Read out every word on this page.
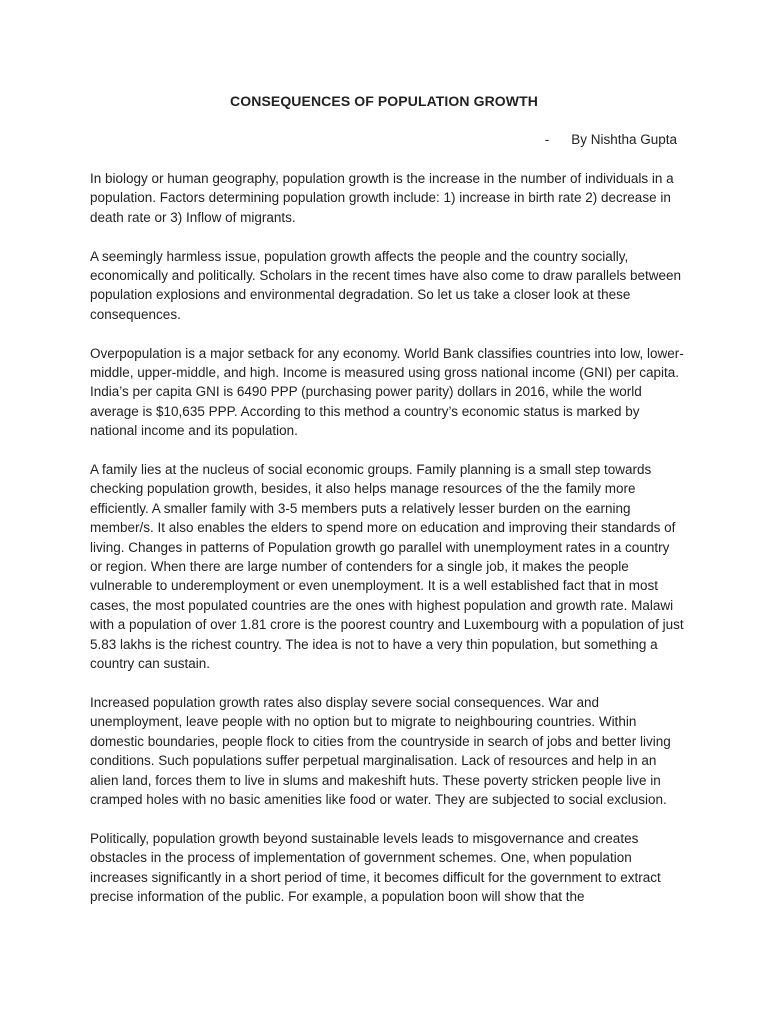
CONSEQUENCES OF POPULATION GROWTH
- By Nishtha Gupta

In biology or human geography, population growth is the increase in the number of individuals in a population. Factors determining population growth include: 1) increase in birth rate 2) decrease in death rate or 3) Inflow of migrants.

A seemingly harmless issue, population growth affects the people and the country socially, economically and politically. Scholars in the recent times have also come to draw parallels between population explosions and environmental degradation. So let us take a closer look at these consequences.

Overpopulation is a major setback for any economy. World Bank classifies countries into low, lower-middle, upper-middle, and high. Income is measured using gross national income (GNI) per capita. India’s per capita GNI is 6490 PPP (purchasing power parity) dollars in 2016, while the world average is $10,635 PPP. According to this method a country’s economic status is marked by national income and its population.

A family lies at the nucleus of social economic groups. Family planning is a small step towards checking population growth, besides, it also helps manage resources of the the family more efficiently. A smaller family with 3-5 members puts a relatively lesser burden on the earning member/s. It also enables the elders to spend more on education and improving their standards of living. Changes in patterns of Population growth go parallel with unemployment rates in a country or region. When there are large number of contenders for a single job, it makes the people vulnerable to underemployment or even unemployment. It is a well established fact that in most cases, the most populated countries are the ones with highest population and growth rate. Malawi with a population of over 1.81 crore is the poorest country and Luxembourg with a population of just 5.83 lakhs is the richest country. The idea is not to have a very thin population, but something a country can sustain.

Increased population growth rates also display severe social consequences. War and unemployment, leave people with no option but to migrate to neighbouring countries. Within domestic boundaries, people flock to cities from the countryside in search of jobs and better living conditions. Such populations suffer perpetual marginalisation. Lack of resources and help in an alien land, forces them to live in slums and makeshift huts. These poverty stricken people live in cramped holes with no basic amenities like food or water. They are subjected to social exclusion.

Politically, population growth beyond sustainable levels leads to misgovernance and creates obstacles in the process of implementation of government schemes. One, when population increases significantly in a short period of time, it becomes difficult for the government to extract precise information of the public. For example, a population boon will show that the
